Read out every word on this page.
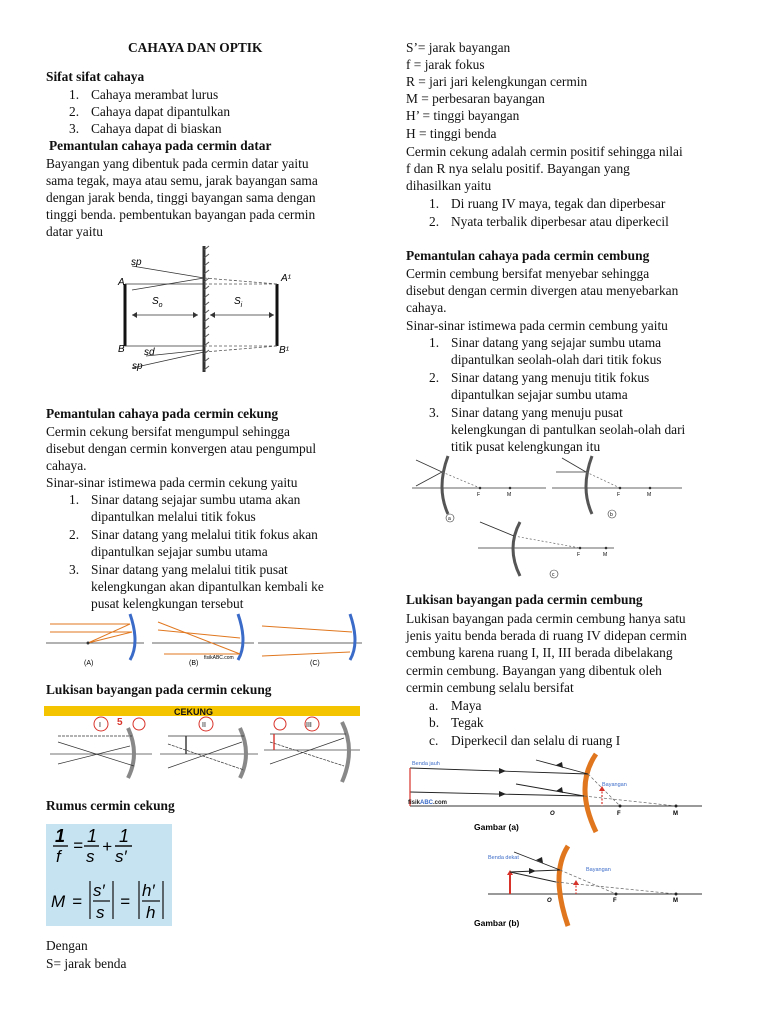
CAHAYA DAN OPTIK
Sifat sifat cahaya
1. Cahaya merambat lurus
2. Cahaya dapat dipantulkan
3. Cahaya dapat di biaskan
Pemantulan cahaya pada cermin datar
Bayangan yang dibentuk pada cermin datar yaitu
sama tegak, maya atau semu, jarak bayangan sama
dengan jarak benda, tinggi bayangan sama dengan
tinggi benda. pembentukan bayangan pada cermin
datar yaitu
Pemantulan cahaya pada cermin cekung
Cermin cekung bersifat mengumpul sehingga
disebut dengan cermin konvergen atau pengumpul
cahaya.
Sinar-sinar istimewa pada cermin cekung yaitu
1. Sinar datang sejajar sumbu utama akan
dipantulkan melalui titik fokus
2. Sinar datang yang melalui titik fokus akan
dipantulkan sejajar sumbu utama
3. Sinar datang yang melalui titik pusat
kelengkungan akan dipantulkan kembali ke
pusat kelengkungan tersebut
Lukisan bayangan pada cermin cekung
Rumus cermin cekung
Dengan
S= jarak benda
sp
A	A¹
$S_o$	$S_i$
B sd	B¹
sp
(A)	(B)
fisikABC.com
(C)
CEKUNG
5
I	II	III
1
f
= 1
s
+
1
s′
M =
s′
s
=
h′
h
S’= jarak bayangan
f = jarak fokus
R = jari jari kelengkungan cermin
M = perbesaran bayangan
H’ = tinggi bayangan
H = tinggi benda
Cermin cekung adalah cermin positif sehingga nilai
f dan R nya selalu positif. Bayangan yang
dihasilkan yaitu
1. Di ruang IV maya, tegak dan diperbesar
2. Nyata terbalik diperbesar atau diperkecil
Pemantulan cahaya pada cermin cembung
Cermin cembung bersifat menyebar sehingga
disebut dengan cermin divergen atau menyebarkan
cahaya.
Sinar-sinar istimewa pada cermin cembung yaitu
1. Sinar datang yang sejajar sumbu utama
dipantulkan seolah-olah dari titik fokus
2. Sinar datang yang menuju titik fokus
dipantulkan sejajar sumbu utama
3. Sinar datang yang menuju pusat
kelengkungan di pantulkan seolah-olah dari
titik pusat kelengkungan itu
Lukisan bayangan pada cermin cembung
Lukisan bayangan pada cermin cembung hanya satu
jenis yaitu benda berada di ruang IV didepan cermin
cembung karena ruang I, II, III berada dibelakang
cermin cembung. Bayangan yang dibentuk oleh
cermin cembung selalu bersifat
a. Maya
b. Tegak
c. Diperkecil dan selalu di ruang I
F	M
a
F	M
b
F	M
c
Benda jauh
Bayangan
fisikABC.com
O	F	M
Gambar (a)
Benda dekat
Bayangan
O	F	M
Gambar (b)
